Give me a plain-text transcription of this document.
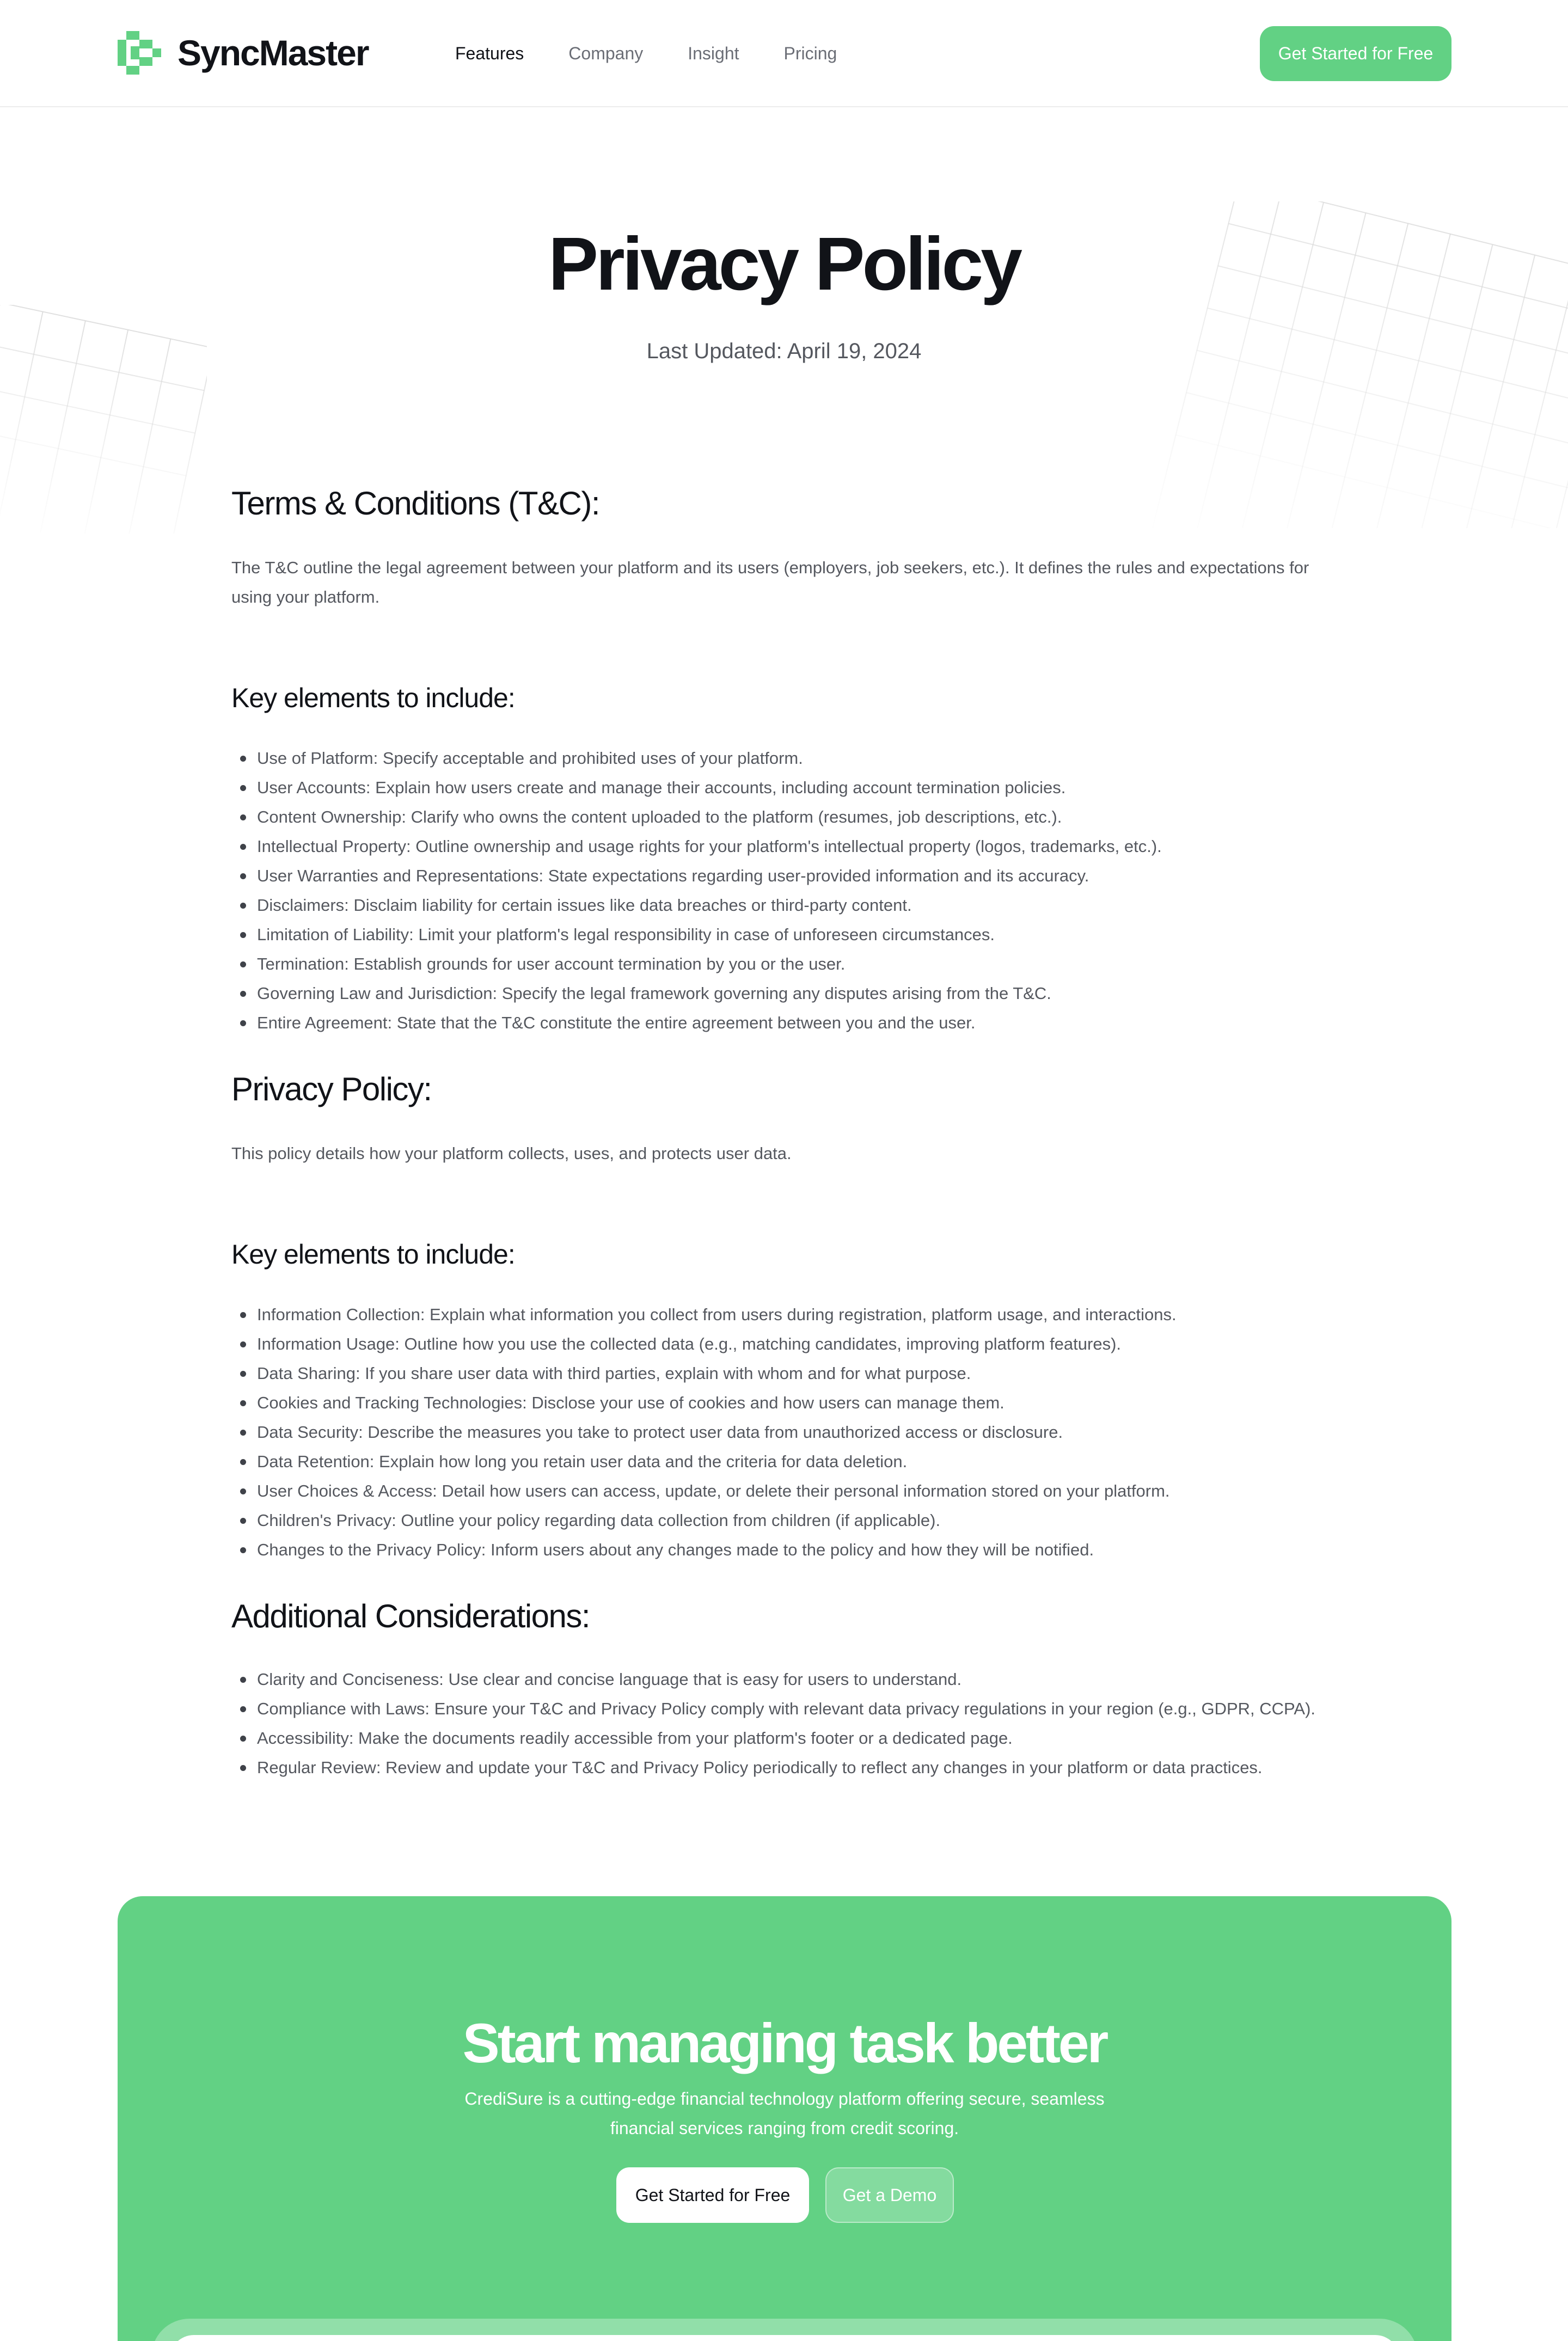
SyncMaster	Features	Company	Insight	Pricing	Get Started for Free
Privacy Policy

Last Updated: April 19, 2024

Terms & Conditions (T&C):

The T&C outline the legal agreement between your platform and its users (employers, job seekers, etc.). It defines the rules and expectations for using your platform.

Key elements to include:
Use of Platform: Specify acceptable and prohibited uses of your platform.
User Accounts: Explain how users create and manage their accounts, including account termination policies.
Content Ownership: Clarify who owns the content uploaded to the platform (resumes, job descriptions, etc.).
Intellectual Property: Outline ownership and usage rights for your platform's intellectual property (logos, trademarks, etc.).
User Warranties and Representations: State expectations regarding user-provided information and its accuracy.
Disclaimers: Disclaim liability for certain issues like data breaches or third-party content.
Limitation of Liability: Limit your platform's legal responsibility in case of unforeseen circumstances.
Termination: Establish grounds for user account termination by you or the user.
Governing Law and Jurisdiction: Specify the legal framework governing any disputes arising from the T&C.
Entire Agreement: State that the T&C constitute the entire agreement between you and the user.
Privacy Policy:

This policy details how your platform collects, uses, and protects user data.

Key elements to include:
Information Collection: Explain what information you collect from users during registration, platform usage, and interactions.
Information Usage: Outline how you use the collected data (e.g., matching candidates, improving platform features).
Data Sharing: If you share user data with third parties, explain with whom and for what purpose.
Cookies and Tracking Technologies: Disclose your use of cookies and how users can manage them.
Data Security: Describe the measures you take to protect user data from unauthorized access or disclosure.
Data Retention: Explain how long you retain user data and the criteria for data deletion.
User Choices & Access: Detail how users can access, update, or delete their personal information stored on your platform.
Children's Privacy: Outline your policy regarding data collection from children (if applicable).
Changes to the Privacy Policy: Inform users about any changes made to the policy and how they will be notified.
Additional Considerations:
Clarity and Conciseness: Use clear and concise language that is easy for users to understand.
Compliance with Laws: Ensure your T&C and Privacy Policy comply with relevant data privacy regulations in your region (e.g., GDPR, CCPA).
Accessibility: Make the documents readily accessible from your platform's footer or a dedicated page.
Regular Review: Review and update your T&C and Privacy Policy periodically to reflect any changes in your platform or data practices.
Start managing task better

CrediSure is a cutting-edge financial technology platform offering secure, seamless financial services ranging from credit scoring.

Get Started for Free	Get a Demo
